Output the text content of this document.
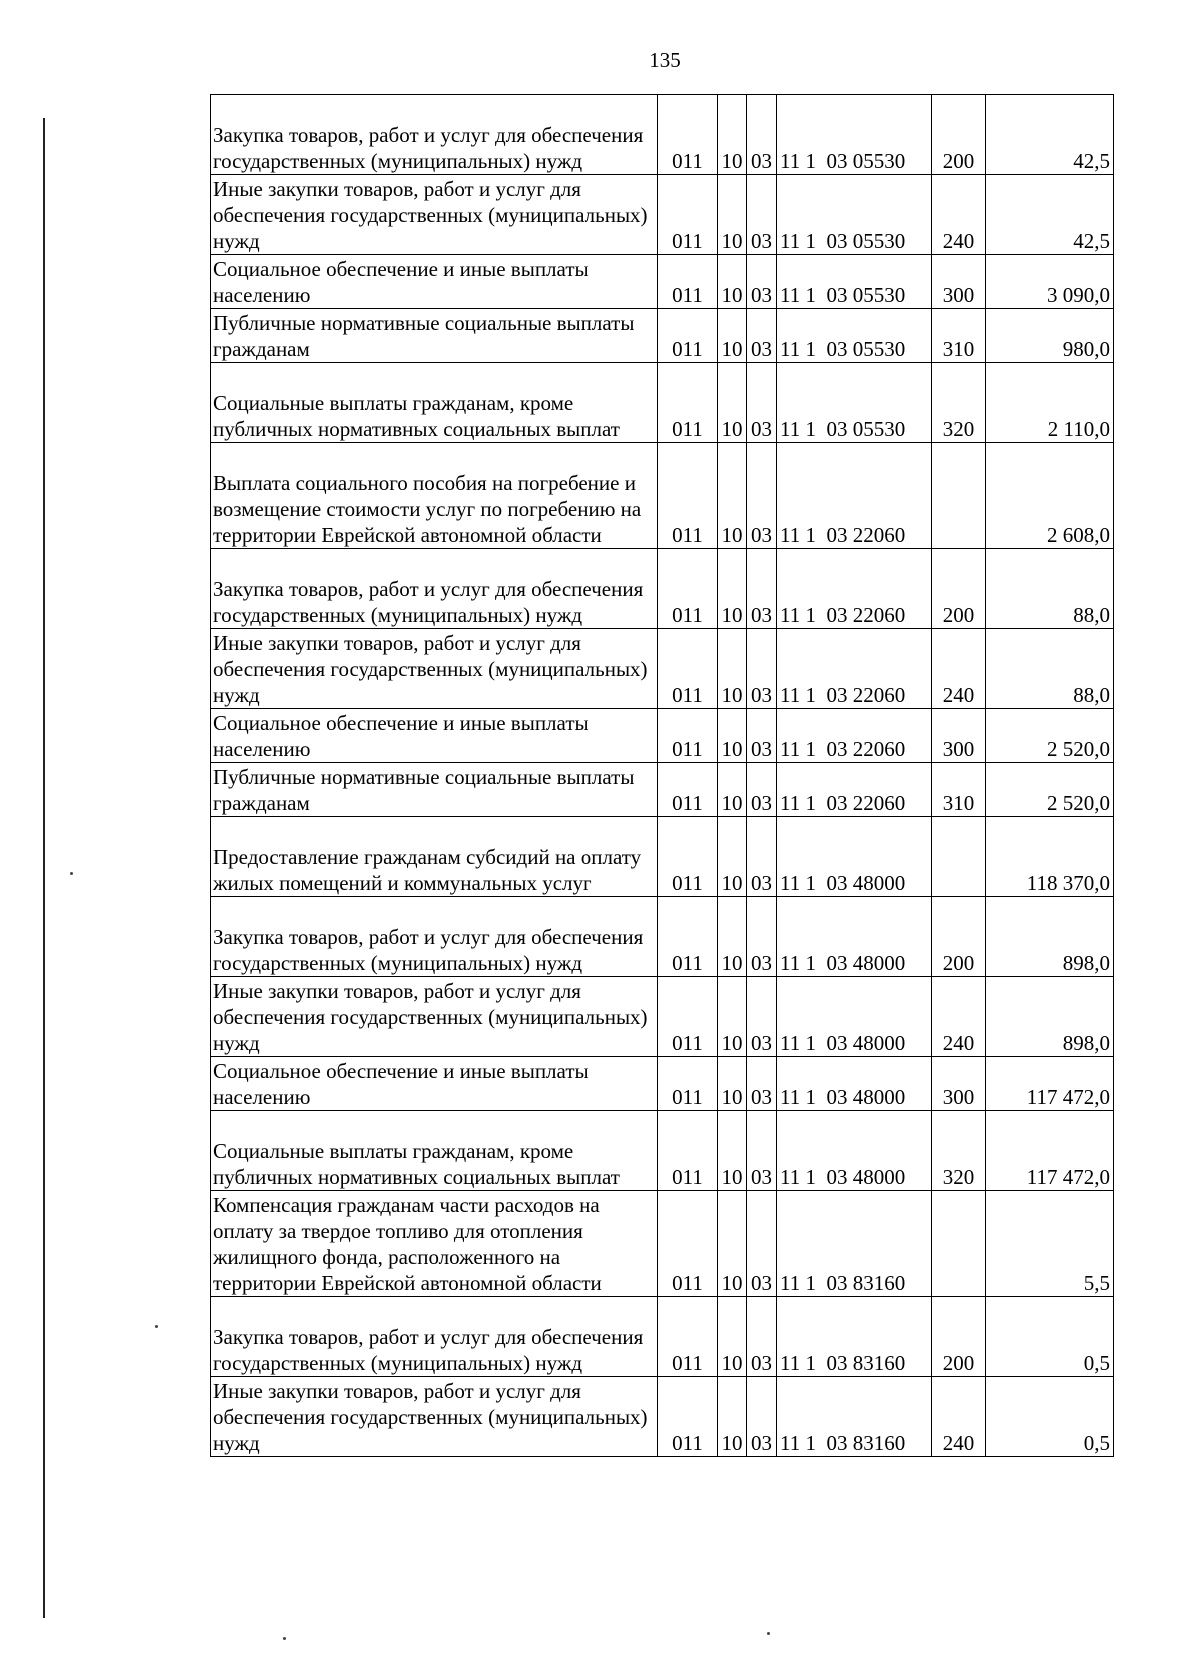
135
Закупка товаров, работ и услуг для обеспечения государственных (муниципальных) нужд	011	10	03	11 1  03 05530	200	42,5
Иные закупки товаров, работ и услуг для обеспечения государственных (муниципальных) нужд	011	10	03	11 1  03 05530	240	42,5
Социальное обеспечение и иные выплаты населению	011	10	03	11 1  03 05530	300	3 090,0
Публичные нормативные социальные выплаты гражданам	011	10	03	11 1  03 05530	310	980,0
Социальные выплаты гражданам, кроме публичных нормативных социальных выплат	011	10	03	11 1  03 05530	320	2 110,0
Выплата социального пособия на погребение и возмещение стоимости услуг по погребению на территории Еврейской автономной области	011	10	03	11 1  03 22060		2 608,0
Закупка товаров, работ и услуг для обеспечения государственных (муниципальных) нужд	011	10	03	11 1  03 22060	200	88,0
Иные закупки товаров, работ и услуг для обеспечения государственных (муниципальных) нужд	011	10	03	11 1  03 22060	240	88,0
Социальное обеспечение и иные выплаты населению	011	10	03	11 1  03 22060	300	2 520,0
Публичные нормативные социальные выплаты гражданам	011	10	03	11 1  03 22060	310	2 520,0
Предоставление гражданам субсидий на оплату жилых помещений и коммунальных услуг	011	10	03	11 1  03 48000		118 370,0
Закупка товаров, работ и услуг для обеспечения государственных (муниципальных) нужд	011	10	03	11 1  03 48000	200	898,0
Иные закупки товаров, работ и услуг для обеспечения государственных (муниципальных) нужд	011	10	03	11 1  03 48000	240	898,0
Социальное обеспечение и иные выплаты населению	011	10	03	11 1  03 48000	300	117 472,0
Социальные выплаты гражданам, кроме публичных нормативных социальных выплат	011	10	03	11 1  03 48000	320	117 472,0
Компенсация гражданам части расходов на оплату за твердое топливо для отопления жилищного фонда, расположенного на территории Еврейской автономной области	011	10	03	11 1  03 83160		5,5
Закупка товаров, работ и услуг для обеспечения государственных (муниципальных) нужд	011	10	03	11 1  03 83160	200	0,5
Иные закупки товаров, работ и услуг для обеспечения государственных (муниципальных) нужд	011	10	03	11 1  03 83160	240	0,5
